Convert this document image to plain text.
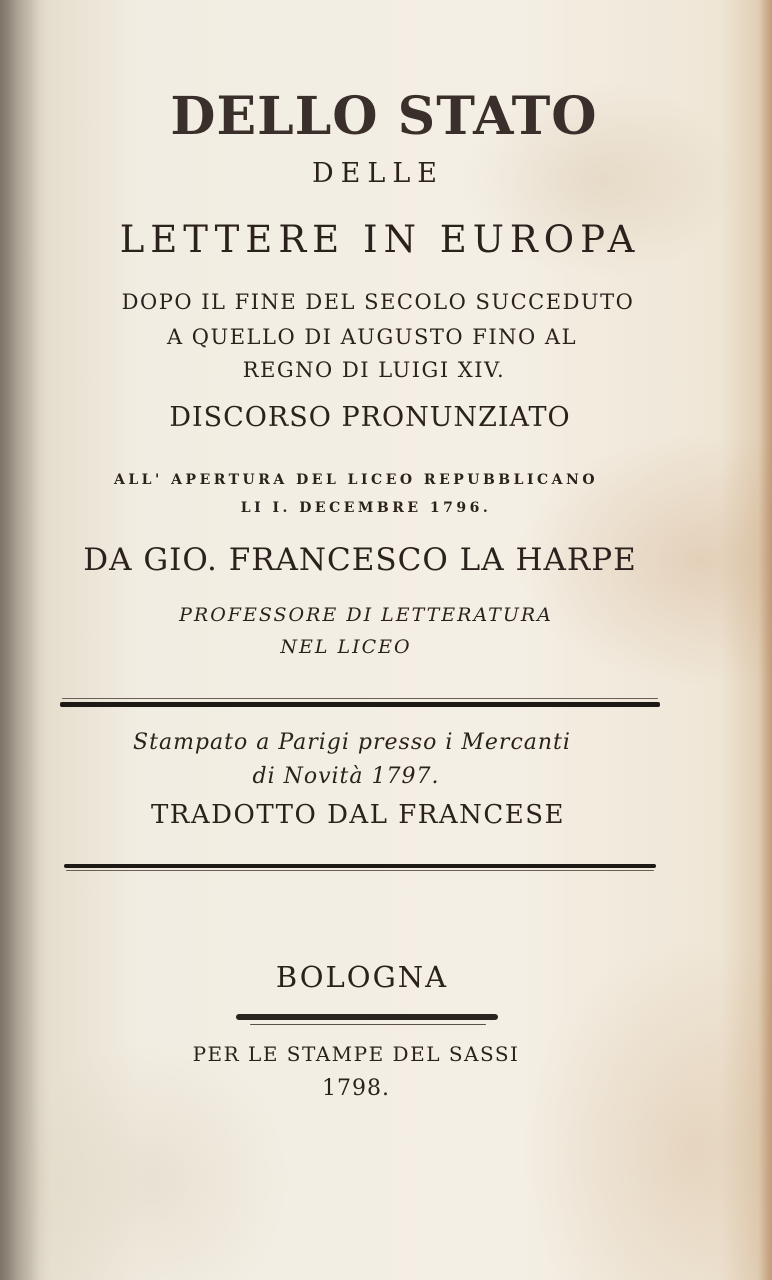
DELLO STATO
DELLE
LETTERE IN EUROPA
DOPO IL FINE DEL SECOLO SUCCEDUTO
A QUELLO DI AUGUSTO FINO AL
REGNO DI LUIGI XIV.
DISCORSO PRONUNZIATO
ALL' APERTURA DEL LICEO REPUBBLICANO
LI I. DECEMBRE 1796.
DA GIO. FRANCESCO LA HARPE
PROFESSORE DI LETTERATURA
NEL LICEO
Stampato a Parigi presso i Mercanti
di Novità 1797.
TRADOTTO DAL FRANCESE
BOLOGNA
PER LE STAMPE DEL SASSI
1798.
